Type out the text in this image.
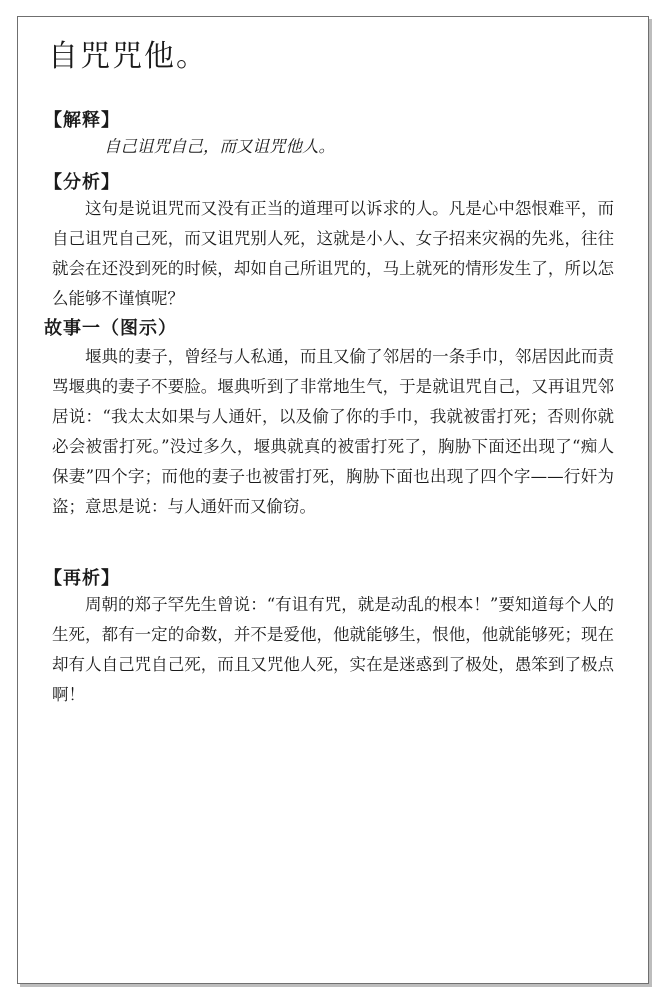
自咒咒他。
【解释】

自己诅咒自己，而又诅咒他人。

【分析】

这句是说诅咒而又没有正当的道理可以诉求的人。凡是心中怨恨难平，而自己诅咒自己死，而又诅咒别人死，这就是小人、女子招来灾祸的先兆，往往就会在还没到死的时候，却如自己所诅咒的，马上就死的情形发生了，所以怎么能够不谨慎呢？

故事一（图示）

堰典的妻子，曾经与人私通，而且又偷了邻居的一条手巾，邻居因此而责骂堰典的妻子不要脸。堰典听到了非常地生气，于是就诅咒自己，又再诅咒邻居说：“我太太如果与人通奸，以及偷了你的手巾，我就被雷打死；否则你就必会被雷打死。”没过多久，堰典就真的被雷打死了，胸胁下面还出现了“痴人保妻”四个字；而他的妻子也被雷打死，胸胁下面也出现了四个字——行奸为盗；意思是说：与人通奸而又偷窃。

【再析】

周朝的郑子罕先生曾说：“有诅有咒，就是动乱的根本！”要知道每个人的生死，都有一定的命数，并不是爱他，他就能够生，恨他，他就能够死；现在却有人自己咒自己死，而且又咒他人死，实在是迷惑到了极处，愚笨到了极点啊！
